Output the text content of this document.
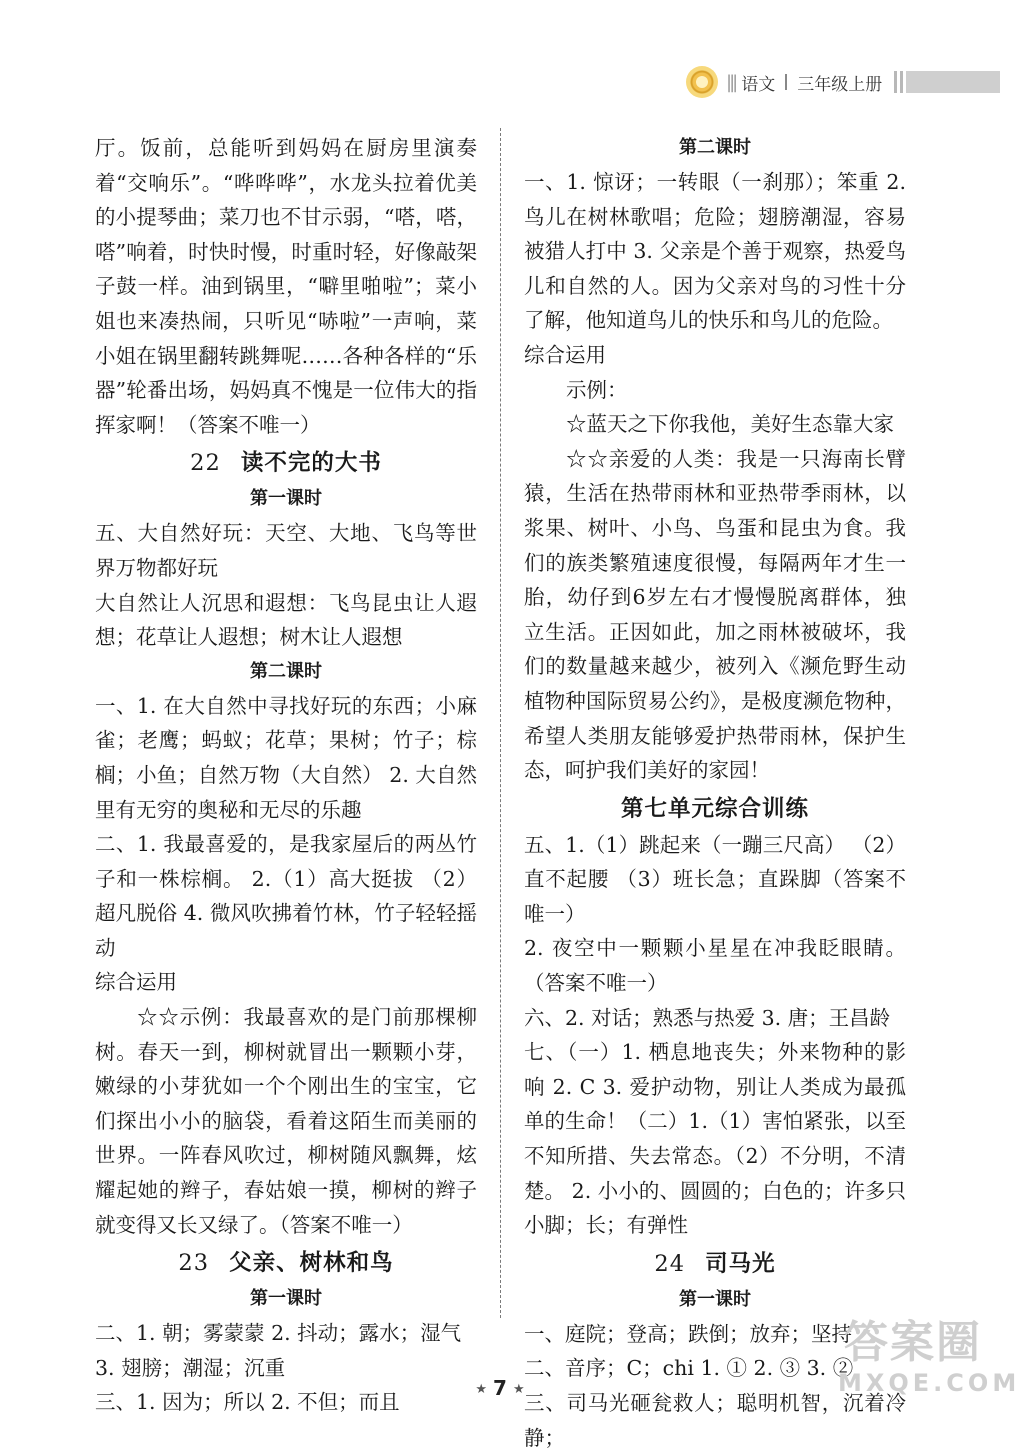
||| 语文 三年级上册

厅。饭前，总能听到妈妈在厨房里演奏着“交响乐”。“哗哗哗”，水龙头拉着优美的小提琴曲；菜刀也不甘示弱，“嗒，嗒，嗒”响着，时快时慢，时重时轻，好像敲架子鼓一样。油到锅里，“噼里啪啦”；菜小姐也来凑热闹，只听见“哧啦”一声响，菜小姐在锅里翻转跳舞呢……各种各样的“乐器”轮番出场，妈妈真不愧是一位伟大的指挥家啊！（答案不唯一）

22 读不完的大书
第一课时

五、大自然好玩：天空、大地、飞鸟等世界万物都好玩

大自然让人沉思和遐想：飞鸟昆虫让人遐想；花草让人遐想；树木让人遐想

第二课时

一、1. 在大自然中寻找好玩的东西；小麻雀；老鹰；蚂蚁；花草；果树；竹子；棕榈；小鱼；自然万物（大自然） 2. 大自然里有无穷的奥秘和无尽的乐趣

二、1. 我最喜爱的，是我家屋后的两丛竹子和一株棕榈。 2.（1）高大挺拔 （2）超凡脱俗 4. 微风吹拂着竹林，竹子轻轻摇动

综合运用

☆☆示例：我最喜欢的是门前那棵柳树。春天一到，柳树就冒出一颗颗小芽，嫩绿的小芽犹如一个个刚出生的宝宝，它们探出小小的脑袋，看着这陌生而美丽的世界。一阵春风吹过，柳树随风飘舞，炫耀起她的辫子，春姑娘一摸，柳树的辫子就变得又长又绿了。（答案不唯一）

23 父亲、树林和鸟
第一课时

二、1. 朝；雾蒙蒙 2. 抖动；露水；湿气

3. 翅膀；潮湿；沉重

三、1. 因为；所以 2. 不但；而且

第二课时

一、1. 惊讶；一转眼（一刹那）；笨重 2. 鸟儿在树林歌唱；危险；翅膀潮湿，容易被猎人打中 3. 父亲是个善于观察，热爱鸟儿和自然的人。因为父亲对鸟的习性十分了解，他知道鸟儿的快乐和鸟儿的危险。

综合运用

示例：

☆蓝天之下你我他，美好生态靠大家

☆☆亲爱的人类：我是一只海南长臂猿，生活在热带雨林和亚热带季雨林，以浆果、树叶、小鸟、鸟蛋和昆虫为食。我们的族类繁殖速度很慢，每隔两年才生一胎，幼仔到6岁左右才慢慢脱离群体，独立生活。正因如此，加之雨林被破坏，我们的数量越来越少，被列入《濒危野生动植物种国际贸易公约》，是极度濒危物种，希望人类朋友能够爱护热带雨林，保护生态，呵护我们美好的家园！

第七单元综合训练

五、1.（1）跳起来（一蹦三尺高） （2）直不起腰 （3）班长急；直跺脚（答案不唯一）

2. 夜空中一颗颗小星星在冲我眨眼睛。（答案不唯一）

六、2. 对话；熟悉与热爱 3. 唐；王昌龄

七、（一）1. 栖息地丧失；外来物种的影响 2. C 3. 爱护动物，别让人类成为最孤单的生命！（二）1.（1）害怕紧张，以至不知所措、失去常态。（2）不分明，不清楚。 2. 小小的、圆圆的；白色的；许多只小脚；长；有弹性

24 司马光
第一课时

一、庭院；登高；跌倒；放弃；坚持

二、音序；C；chi 1. ① 2. ③ 3. ②

三、司马光砸瓮救人；聪明机智，沉着冷静；

★ 7 ★
答案圈
MXQE.COM
